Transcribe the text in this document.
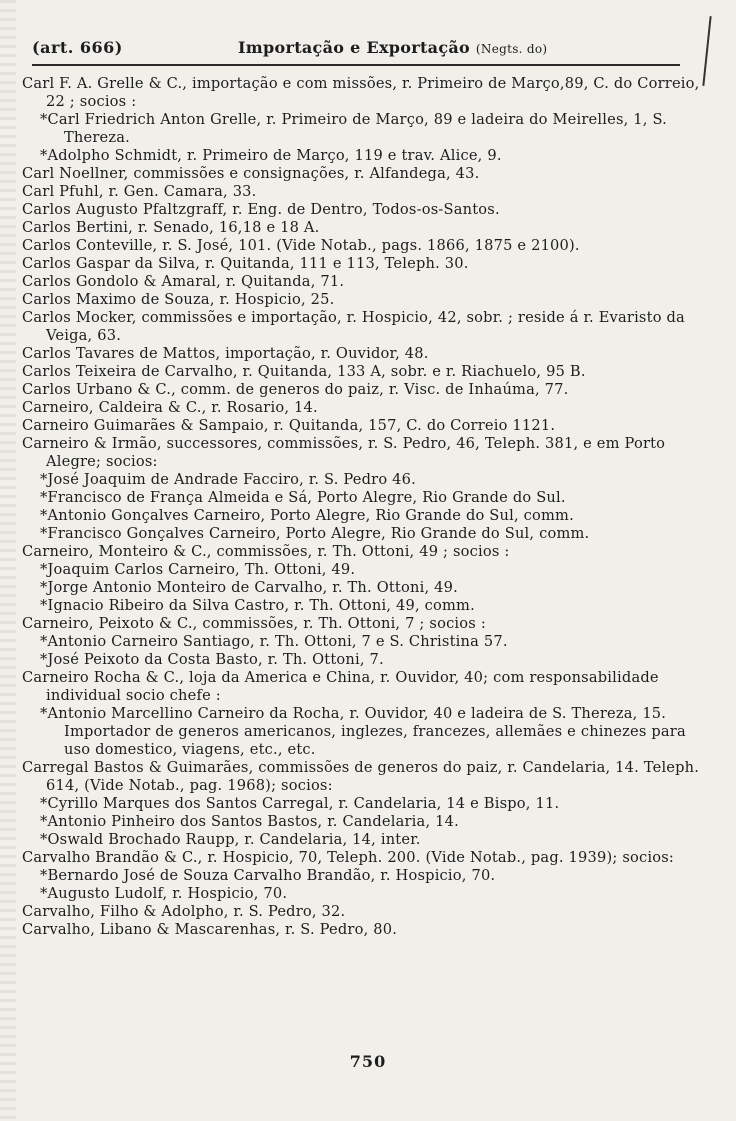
(art. 666)	Importação e Exportação (Negts. do)

Carl F. A. Grelle & C., importação e com missões, r. Primeiro de Março,89, C. do Correio, 22 ; socios :

*Carl Friedrich Anton Grelle, r. Primeiro de Março, 89 e ladeira do Meirelles, 1, S. Thereza.

*Adolpho Schmidt, r. Primeiro de Março, 119 e trav. Alice, 9.

Carl Noellner, commissões e consignações, r. Alfandega, 43.

Carl Pfuhl, r. Gen. Camara, 33.

Carlos Augusto Pfaltzgraff, r. Eng. de Dentro, Todos-os-Santos.

Carlos Bertini, r. Senado, 16,18 e 18 A.

Carlos Conteville, r. S. José, 101. (Vide Notab., pags. 1866, 1875 e 2100).

Carlos Gaspar da Silva, r. Quitanda, 111 e 113, Teleph. 30.

Carlos Gondolo & Amaral, r. Quitanda, 71.

Carlos Maximo de Souza, r. Hospicio, 25.

Carlos Mocker, commissões e importação, r. Hospicio, 42, sobr. ; reside á r. Evaristo da Veiga, 63.

Carlos Tavares de Mattos, importação, r. Ouvidor, 48.

Carlos Teixeira de Carvalho, r. Quitanda, 133 A, sobr. e r. Riachuelo, 95 B.

Carlos Urbano & C., comm. de generos do paiz, r. Visc. de Inhaúma, 77.

Carneiro, Caldeira & C., r. Rosario, 14.

Carneiro Guimarães & Sampaio, r. Quitanda, 157, C. do Correio 1121.

Carneiro & Irmão, successores, commissões, r. S. Pedro, 46, Teleph. 381, e em Porto Alegre; socios:

*José Joaquim de Andrade Facciro, r. S. Pedro 46.

*Francisco de França Almeida e Sá, Porto Alegre, Rio Grande do Sul.

*Antonio Gonçalves Carneiro, Porto Alegre, Rio Grande do Sul, comm.

*Francisco Gonçalves Carneiro, Porto Alegre, Rio Grande do Sul, comm.

Carneiro, Monteiro & C., commissões, r. Th. Ottoni, 49 ; socios :

*Joaquim Carlos Carneiro, Th. Ottoni, 49.

*Jorge Antonio Monteiro de Carvalho, r. Th. Ottoni, 49.

*Ignacio Ribeiro da Silva Castro, r. Th. Ottoni, 49, comm.

Carneiro, Peixoto & C., commissões, r. Th. Ottoni, 7 ; socios :

*Antonio Carneiro Santiago, r. Th. Ottoni, 7 e S. Christina 57.

*José Peixoto da Costa Basto, r. Th. Ottoni, 7.

Carneiro Rocha & C., loja da America e China, r. Ouvidor, 40; com responsabilidade individual socio chefe :

*Antonio Marcellino Carneiro da Rocha, r. Ouvidor, 40 e ladeira de S. Thereza, 15. Importador de generos americanos, inglezes, francezes, allemães e chinezes para uso domestico, viagens, etc., etc.

Carregal Bastos & Guimarães, commissões de generos do paiz, r. Candelaria, 14. Teleph. 614, (Vide Notab., pag. 1968); socios:

*Cyrillo Marques dos Santos Carregal, r. Candelaria, 14 e Bispo, 11.

*Antonio Pinheiro dos Santos Bastos, r. Candelaria, 14.

*Oswald Brochado Raupp, r. Candelaria, 14, inter.

Carvalho Brandão & C., r. Hospicio, 70, Teleph. 200. (Vide Notab., pag. 1939); socios:

*Bernardo José de Souza Carvalho Brandão, r. Hospicio, 70.

*Augusto Ludolf, r. Hospicio, 70.

Carvalho, Filho & Adolpho, r. S. Pedro, 32.

Carvalho, Libano & Mascarenhas, r. S. Pedro, 80.

750
